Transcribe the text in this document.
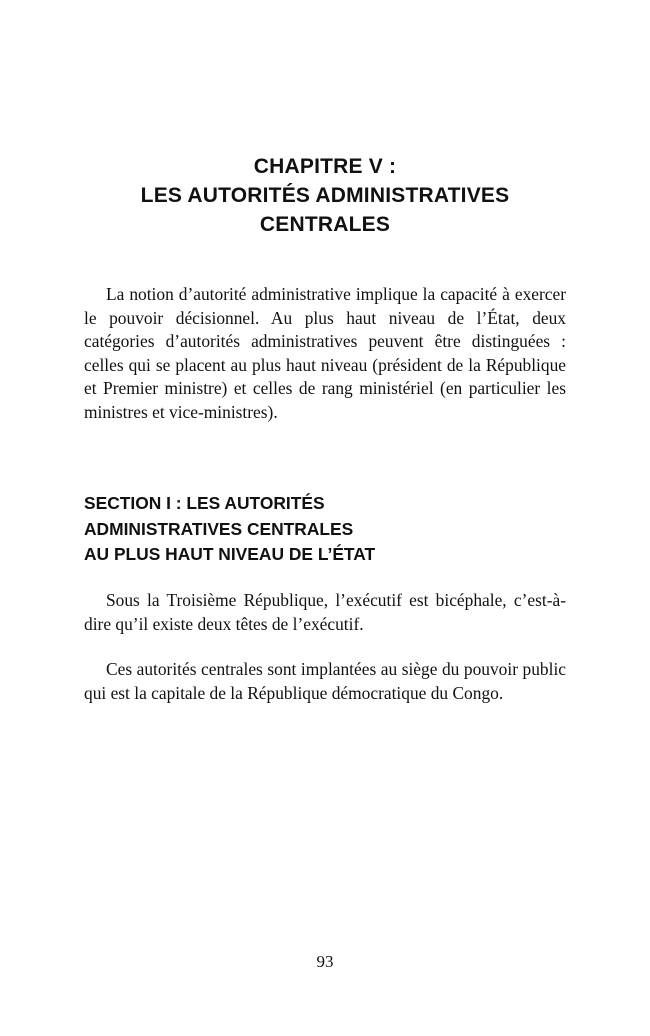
CHAPITRE V :
LES AUTORITÉS ADMINISTRATIVES
CENTRALES

La notion d’autorité administrative implique la capacité à exercer le pouvoir décisionnel. Au plus haut niveau de l’État, deux catégories d’autorités administratives peuvent être distinguées : celles qui se placent au plus haut niveau (président de la République et Premier ministre) et celles de rang ministériel (en particulier les ministres et vice-ministres).

SECTION I : LES AUTORITÉS
ADMINISTRATIVES CENTRALES
AU PLUS HAUT NIVEAU DE L’ÉTAT

Sous la Troisième République, l’exécutif est bicéphale, c’est-à-dire qu’il existe deux têtes de l’exécutif.

Ces autorités centrales sont implantées au siège du pouvoir public qui est la capitale de la République démocratique du Congo.

93
